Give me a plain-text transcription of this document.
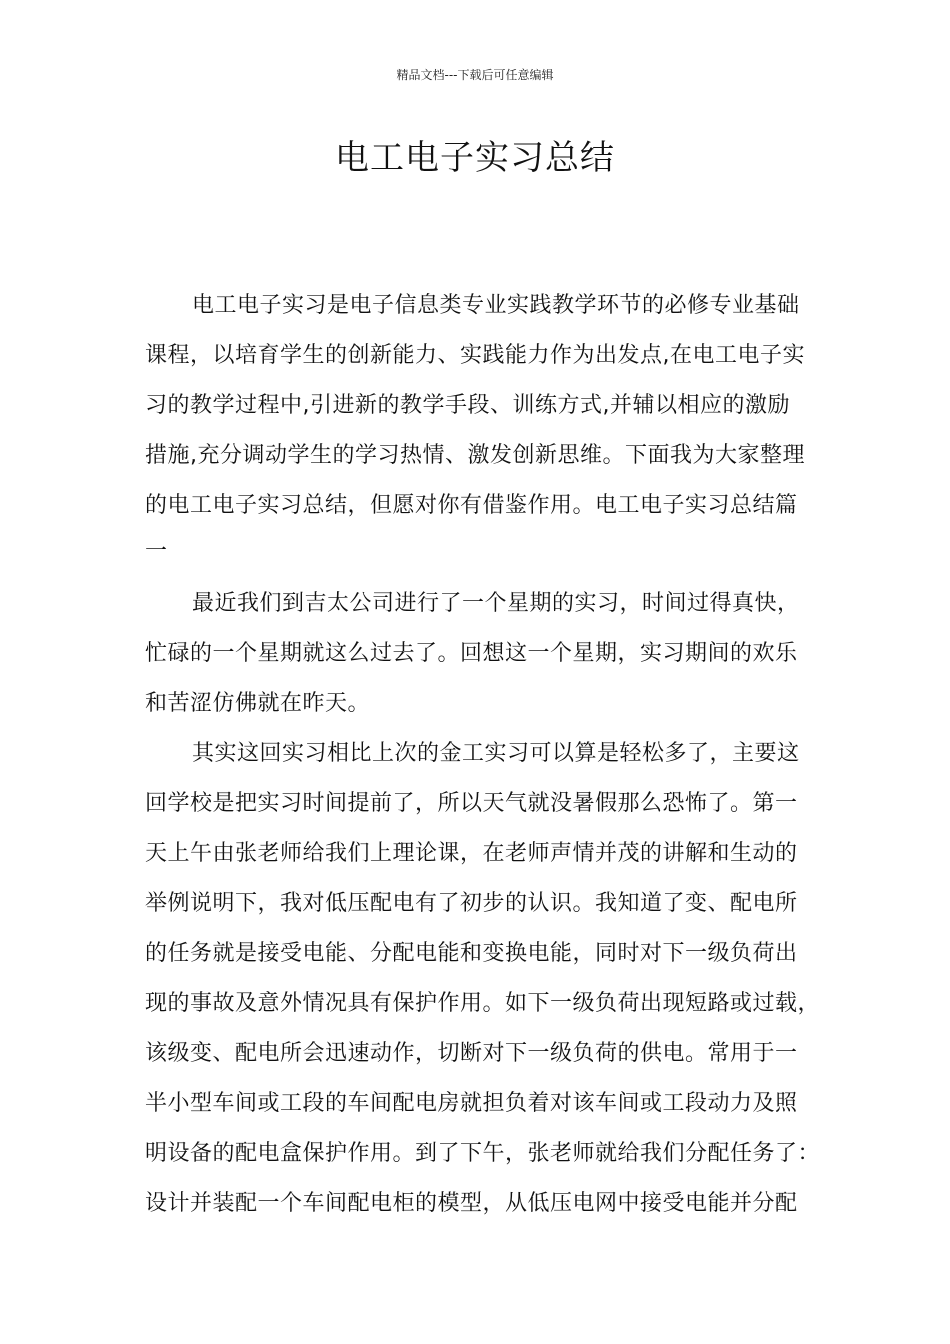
精品文档---下载后可任意编辑
电工电子实习总结
电工电子实习是电子信息类专业实践教学环节的必修专业基础
课程，以培育学生的创新能力、实践能力作为出发点,在电工电子实
习的教学过程中,引进新的教学手段、训练方式,并辅以相应的激励
措施,充分调动学生的学习热情、激发创新思维。下面我为大家整理
的电工电子实习总结，但愿对你有借鉴作用。电工电子实习总结篇
一
最近我们到吉太公司进行了一个星期的实习，时间过得真快，
忙碌的一个星期就这么过去了。回想这一个星期，实习期间的欢乐
和苦涩仿佛就在昨天。
其实这回实习相比上次的金工实习可以算是轻松多了，主要这
回学校是把实习时间提前了，所以天气就没暑假那么恐怖了。第一
天上午由张老师给我们上理论课，在老师声情并茂的讲解和生动的
举例说明下，我对低压配电有了初步的认识。我知道了变、配电所
的任务就是接受电能、分配电能和变换电能，同时对下一级负荷出
现的事故及意外情况具有保护作用。如下一级负荷出现短路或过载，
该级变、配电所会迅速动作，切断对下一级负荷的供电。常用于一
半小型车间或工段的车间配电房就担负着对该车间或工段动力及照
明设备的配电盒保护作用。到了下午，张老师就给我们分配任务了：
设计并装配一个车间配电柜的模型，从低压电网中接受电能并分配
